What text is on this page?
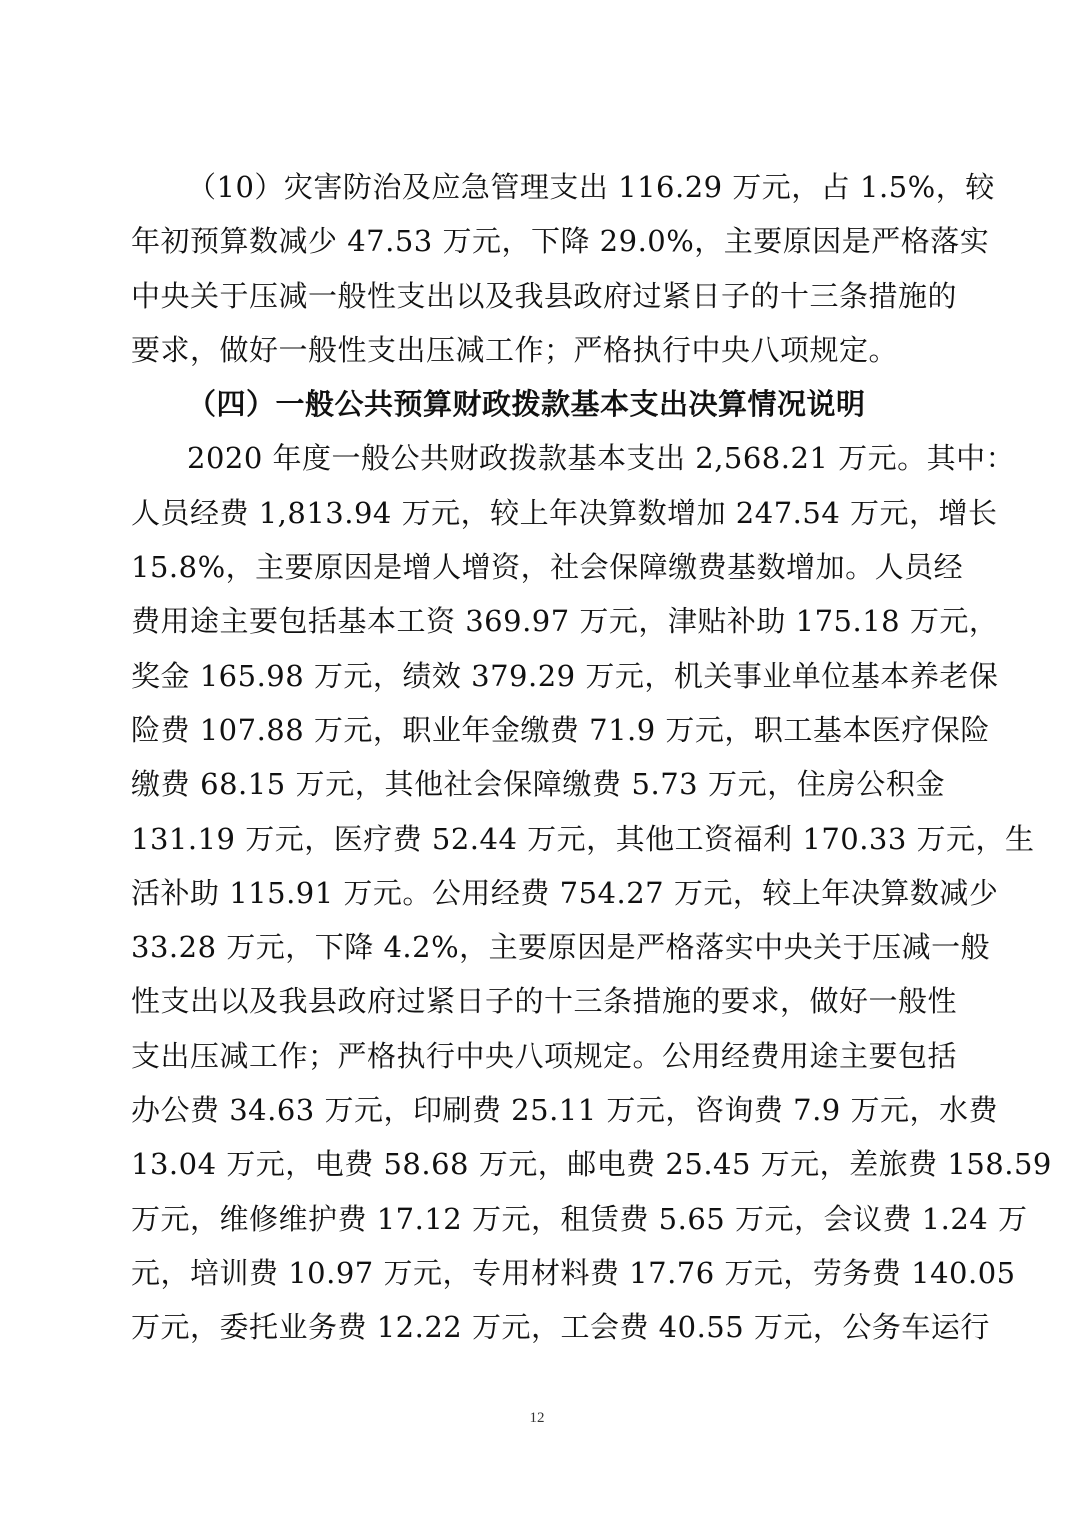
（10）灾害防治及应急管理支出 116.29 万元，占 1.5%，较
年初预算数减少 47.53 万元，下降 29.0%，主要原因是严格落实
中央关于压减一般性支出以及我县政府过紧日子的十三条措施的
要求，做好一般性支出压减工作；严格执行中央八项规定。
（四）一般公共预算财政拨款基本支出决算情况说明
2020 年度一般公共财政拨款基本支出 2,568.21 万元。其中：
人员经费 1,813.94 万元，较上年决算数增加 247.54 万元，增长
15.8%，主要原因是增人增资，社会保障缴费基数增加。人员经
费用途主要包括基本工资 369.97 万元，津贴补助 175.18 万元，
奖金 165.98 万元，绩效 379.29 万元，机关事业单位基本养老保
险费 107.88 万元，职业年金缴费 71.9 万元，职工基本医疗保险
缴费 68.15 万元，其他社会保障缴费 5.73 万元，住房公积金
131.19 万元，医疗费 52.44 万元，其他工资福利 170.33 万元，生
活补助 115.91 万元。公用经费 754.27 万元，较上年决算数减少
33.28 万元，下降 4.2%，主要原因是严格落实中央关于压减一般
性支出以及我县政府过紧日子的十三条措施的要求，做好一般性
支出压减工作；严格执行中央八项规定。公用经费用途主要包括
办公费 34.63 万元，印刷费 25.11 万元，咨询费 7.9 万元，水费
13.04 万元，电费 58.68 万元，邮电费 25.45 万元，差旅费 158.59
万元，维修维护费 17.12 万元，租赁费 5.65 万元，会议费 1.24 万
元，培训费 10.97 万元，专用材料费 17.76 万元，劳务费 140.05
万元，委托业务费 12.22 万元，工会费 40.55 万元，公务车运行
12
